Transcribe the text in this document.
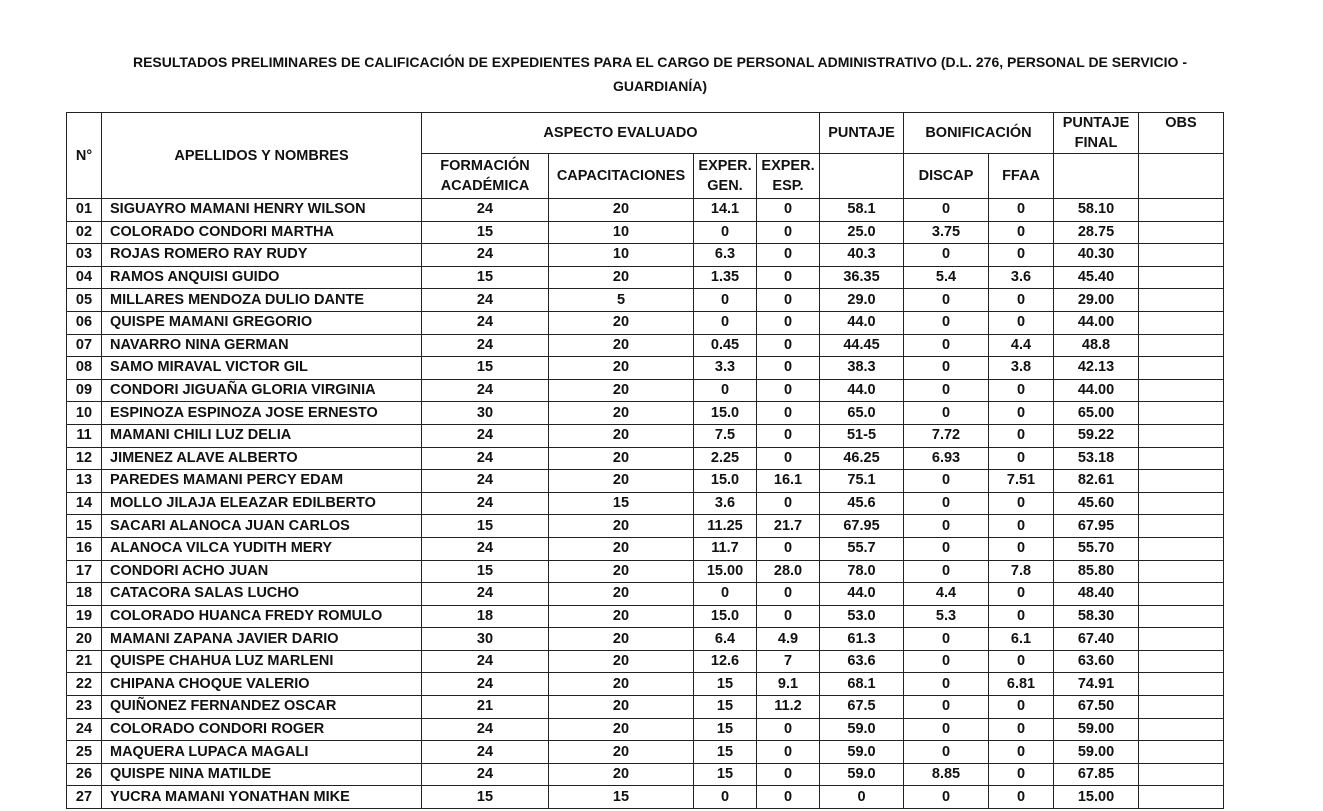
RESULTADOS PRELIMINARES DE CALIFICACIÓN DE EXPEDIENTES PARA EL CARGO DE PERSONAL ADMINISTRATIVO (D.L. 276, PERSONAL DE SERVICIO -
GUARDIANÍA)
N°	APELLIDOS Y NOMBRES	ASPECTO EVALUADO				PUNTAJE	BONIFICACIÓN		PUNTAJE FINAL	OBS
		FORMACIÓN ACADÉMICA	CAPACITACIONES	EXPER. GEN.	EXPER. ESP.		DISCAP	FFAA		
01	SIGUAYRO MAMANI HENRY WILSON	24	20	14.1	0	58.1	0	0	58.10	
02	COLORADO CONDORI MARTHA	15	10	0	0	25.0	3.75	0	28.75	
03	ROJAS ROMERO RAY RUDY	24	10	6.3	0	40.3	0	0	40.30	
04	RAMOS ANQUISI GUIDO	15	20	1.35	0	36.35	5.4	3.6	45.40	
05	MILLARES MENDOZA DULIO DANTE	24	5	0	0	29.0	0	0	29.00	
06	QUISPE MAMANI GREGORIO	24	20	0	0	44.0	0	0	44.00	
07	NAVARRO NINA GERMAN	24	20	0.45	0	44.45	0	4.4	48.8	
08	SAMO MIRAVAL VICTOR GIL	15	20	3.3	0	38.3	0	3.8	42.13	
09	CONDORI JIGUAÑA GLORIA VIRGINIA	24	20	0	0	44.0	0	0	44.00	
10	ESPINOZA ESPINOZA JOSE ERNESTO	30	20	15.0	0	65.0	0	0	65.00	
11	MAMANI CHILI LUZ DELIA	24	20	7.5	0	51-5	7.72	0	59.22	
12	JIMENEZ ALAVE ALBERTO	24	20	2.25	0	46.25	6.93	0	53.18	
13	PAREDES MAMANI PERCY EDAM	24	20	15.0	16.1	75.1	0	7.51	82.61	
14	MOLLO JILAJA ELEAZAR EDILBERTO	24	15	3.6	0	45.6	0	0	45.60	
15	SACARI ALANOCA JUAN CARLOS	15	20	11.25	21.7	67.95	0	0	67.95	
16	ALANOCA VILCA YUDITH MERY	24	20	11.7	0	55.7	0	0	55.70	
17	CONDORI ACHO JUAN	15	20	15.00	28.0	78.0	0	7.8	85.80	
18	CATACORA SALAS LUCHO	24	20	0	0	44.0	4.4	0	48.40	
19	COLORADO HUANCA FREDY ROMULO	18	20	15.0	0	53.0	5.3	0	58.30	
20	MAMANI ZAPANA JAVIER DARIO	30	20	6.4	4.9	61.3	0	6.1	67.40	
21	QUISPE CHAHUA LUZ MARLENI	24	20	12.6	7	63.6	0	0	63.60	
22	CHIPANA CHOQUE VALERIO	24	20	15	9.1	68.1	0	6.81	74.91	
23	QUIÑONEZ FERNANDEZ OSCAR	21	20	15	11.2	67.5	0	0	67.50	
24	COLORADO CONDORI ROGER	24	20	15	0	59.0	0	0	59.00	
25	MAQUERA LUPACA MAGALI	24	20	15	0	59.0	0	0	59.00	
26	QUISPE NINA MATILDE	24	20	15	0	59.0	8.85	0	67.85	
27	YUCRA MAMANI YONATHAN MIKE	15	15	0	0	0	0	0	15.00	
